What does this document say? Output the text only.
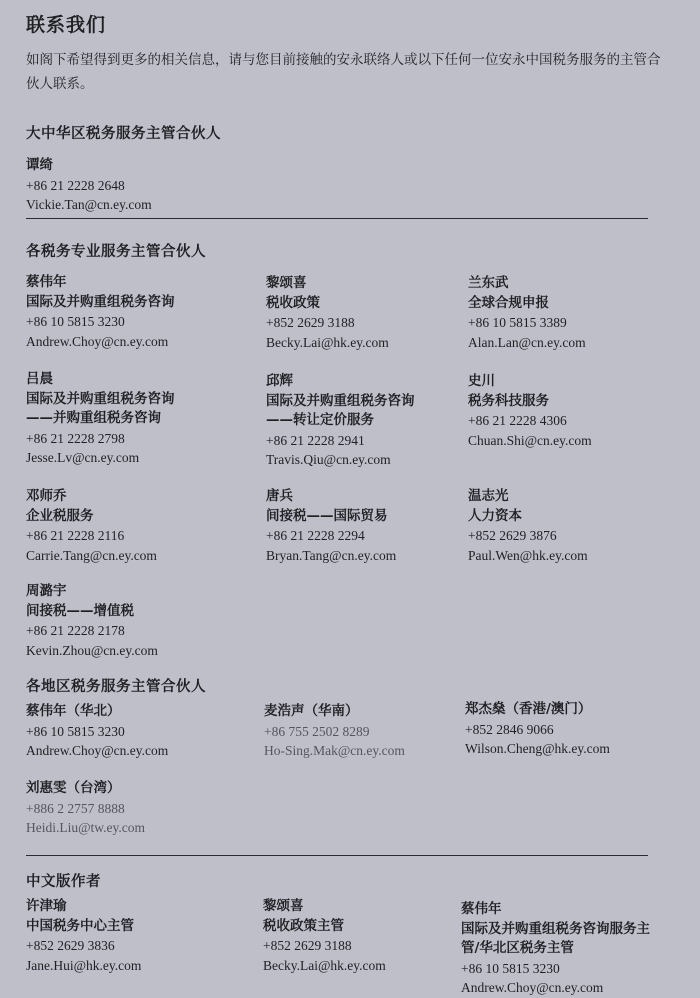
联系我们
如阁下希望得到更多的相关信息，请与您目前接触的安永联络人或以下任何一位安永中国税务服务的主管合伙人联系。
大中华区税务服务主管合伙人
谭绮
+86 21 2228 2648
Vickie.Tan@cn.ey.com
各税务专业服务主管合伙人
蔡伟年
国际及并购重组税务咨询
+86 10 5815 3230
Andrew.Choy@cn.ey.com
黎颂喜
税收政策
+852 2629 3188
Becky.Lai@hk.ey.com
兰东武
全球合规申报
+86 10 5815 3389
Alan.Lan@cn.ey.com
吕晨
国际及并购重组税务咨询
——并购重组税务咨询
+86 21 2228 2798
Jesse.Lv@cn.ey.com
邱辉
国际及并购重组税务咨询
——转让定价服务
+86 21 2228 2941
Travis.Qiu@cn.ey.com
史川
税务科技服务
+86 21 2228 4306
Chuan.Shi@cn.ey.com
邓师乔
企业税服务
+86 21 2228 2116
Carrie.Tang@cn.ey.com
唐兵
间接税——国际贸易
+86 21 2228 2294
Bryan.Tang@cn.ey.com
温志光
人力资本
+852 2629 3876
Paul.Wen@hk.ey.com
周潞宇
间接税——增值税
+86 21 2228 2178
Kevin.Zhou@cn.ey.com
各地区税务服务主管合伙人
蔡伟年（华北）
+86 10 5815 3230
Andrew.Choy@cn.ey.com
麦浩声（华南）
+86 755 2502 8289
Ho-Sing.Mak@cn.ey.com
郑杰燊（香港/澳门）
+852 2846 9066
Wilson.Cheng@hk.ey.com
刘惠雯（台湾）
+886 2 2757 8888
Heidi.Liu@tw.ey.com
中文版作者
许津瑜
中国税务中心主管
+852 2629 3836
Jane.Hui@hk.ey.com
黎颂喜
税收政策主管
+852 2629 3188
Becky.Lai@hk.ey.com
蔡伟年
国际及并购重组税务咨询服务主
管/华北区税务主管
+86 10 5815 3230
Andrew.Choy@cn.ey.com
